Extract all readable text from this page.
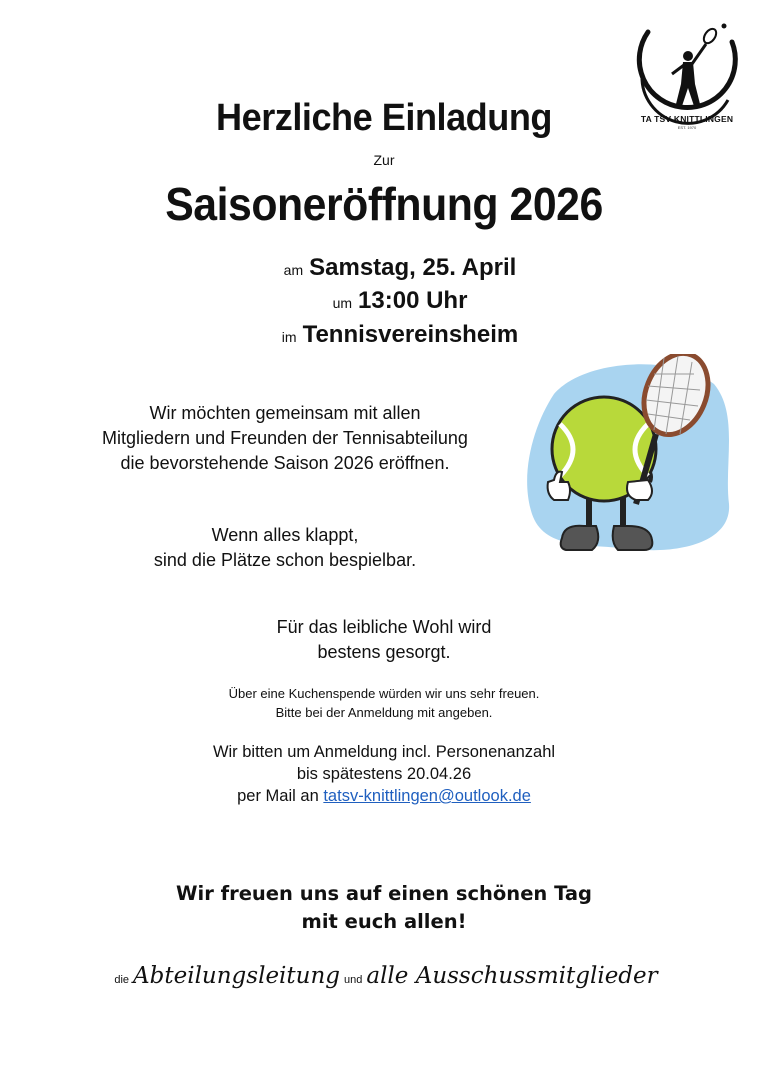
TA TSV KNITTLINGEN
EST. 1970
Herzliche Einladung
Zur
Saisoneröffnung 2026
am Samstag, 25. April
um 13:00 Uhr
im Tennisvereinsheim
Wir möchten gemeinsam mit allen
Mitgliedern und Freunden der Tennisabteilung
die bevorstehende Saison 2026 eröffnen.
Wenn alles klappt,
sind die Plätze schon bespielbar.
Für das leibliche Wohl wird
bestens gesorgt.
Über eine Kuchenspende würden wir uns sehr freuen.
Bitte bei der Anmeldung mit angeben.
Wir bitten um Anmeldung incl. Personenanzahl
bis spätestens 20.04.26
per Mail an tatsv-knittlingen@outlook.de
Wir freuen uns auf einen schönen Tag
mit euch allen!
die Abteilungsleitung und alle Ausschussmitglieder
